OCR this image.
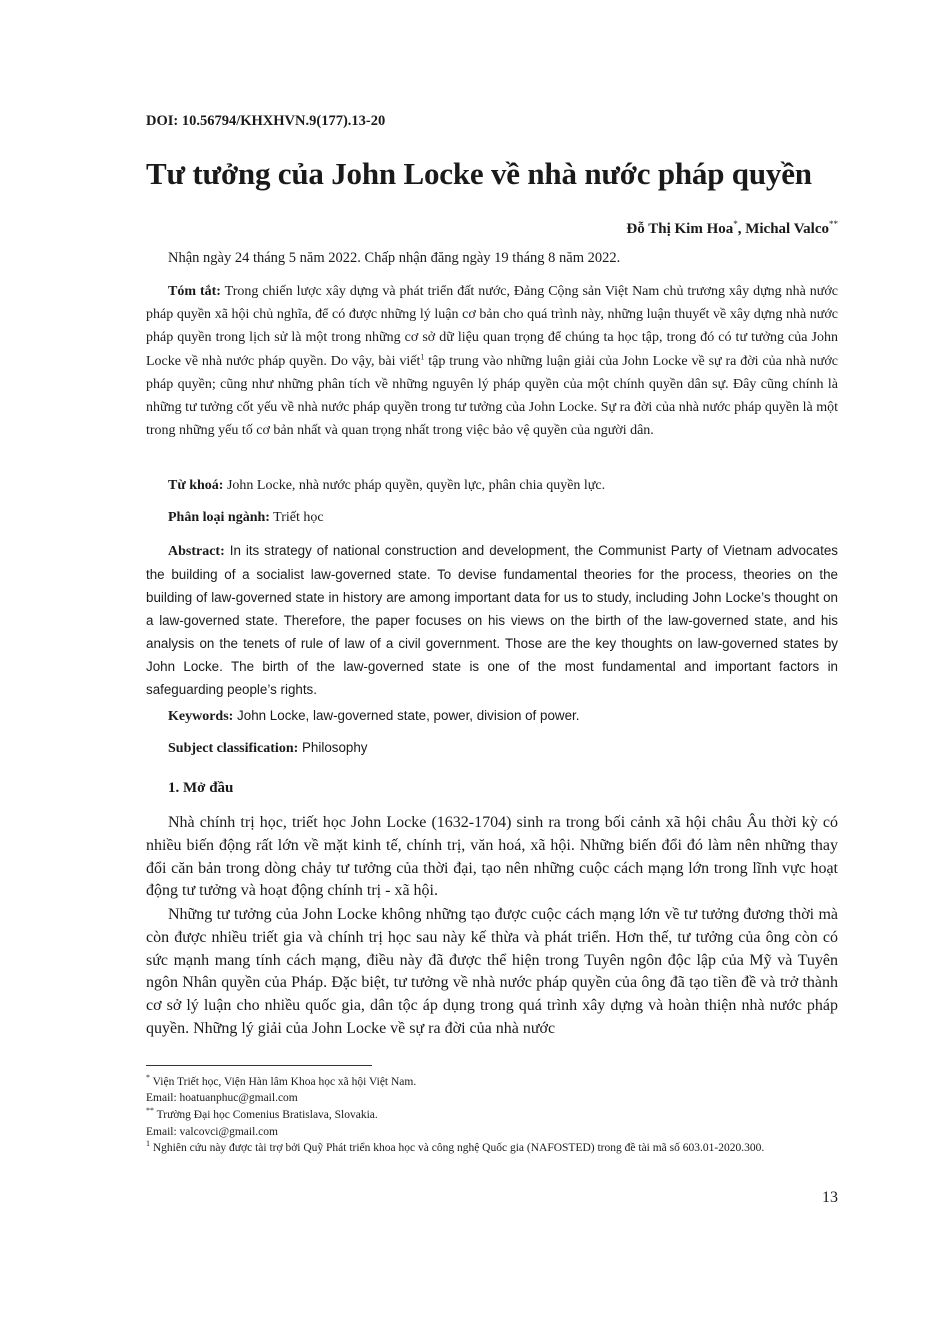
DOI: 10.56794/KHXHVN.9(177).13-20
Tư tưởng của John Locke về nhà nước pháp quyền
Đỗ Thị Kim Hoa*, Michal Valco**
Nhận ngày 24 tháng 5 năm 2022. Chấp nhận đăng ngày 19 tháng 8 năm 2022.
Tóm tắt: Trong chiến lược xây dựng và phát triển đất nước, Đảng Cộng sản Việt Nam chủ trương xây dựng nhà nước pháp quyền xã hội chủ nghĩa, để có được những lý luận cơ bản cho quá trình này, những luận thuyết về xây dựng nhà nước pháp quyền trong lịch sử là một trong những cơ sở dữ liệu quan trọng để chúng ta học tập, trong đó có tư tưởng của John Locke về nhà nước pháp quyền. Do vậy, bài viết$^1$ tập trung vào những luận giải của John Locke về sự ra đời của nhà nước pháp quyền; cũng như những phân tích về những nguyên lý pháp quyền của một chính quyền dân sự. Đây cũng chính là những tư tưởng cốt yếu về nhà nước pháp quyền trong tư tưởng của John Locke. Sự ra đời của nhà nước pháp quyền là một trong những yếu tố cơ bản nhất và quan trọng nhất trong việc bảo vệ quyền của người dân.
Từ khoá: John Locke, nhà nước pháp quyền, quyền lực, phân chia quyền lực.
Phân loại ngành: Triết học
Abstract: In its strategy of national construction and development, the Communist Party of Vietnam advocates the building of a socialist law-governed state. To devise fundamental theories for the process, theories on the building of law-governed state in history are among important data for us to study, including John Locke’s thought on a law-governed state. Therefore, the paper focuses on his views on the birth of the law-governed state, and his analysis on the tenets of rule of law of a civil government. Those are the key thoughts on law-governed states by John Locke. The birth of the law-governed state is one of the most fundamental and important factors in safeguarding people’s rights.
Keywords: John Locke, law-governed state, power, division of power.
Subject classification: Philosophy
1. Mở đầu
Nhà chính trị học, triết học John Locke (1632-1704) sinh ra trong bối cảnh xã hội châu Âu thời kỳ có nhiều biến động rất lớn về mặt kinh tế, chính trị, văn hoá, xã hội. Những biến đổi đó làm nên những thay đổi căn bản trong dòng chảy tư tưởng của thời đại, tạo nên những cuộc cách mạng lớn trong lĩnh vực hoạt động tư tưởng và hoạt động chính trị - xã hội.
Những tư tưởng của John Locke không những tạo được cuộc cách mạng lớn về tư tưởng đương thời mà còn được nhiều triết gia và chính trị học sau này kế thừa và phát triển. Hơn thế, tư tưởng của ông còn có sức mạnh mang tính cách mạng, điều này đã được thể hiện trong Tuyên ngôn độc lập của Mỹ và Tuyên ngôn Nhân quyền của Pháp. Đặc biệt, tư tưởng về nhà nước pháp quyền của ông đã tạo tiền đề và trở thành cơ sở lý luận cho nhiều quốc gia, dân tộc áp dụng trong quá trình xây dựng và hoàn thiện nhà nước pháp quyền. Những lý giải của John Locke về sự ra đời của nhà nước
* Viện Triết học, Viện Hàn lâm Khoa học xã hội Việt Nam.
Email: hoatuanphuc@gmail.com
** Trường Đại học Comenius Bratislava, Slovakia.
Email: valcovci@gmail.com
$^1$ Nghiên cứu này được tài trợ bởi Quỹ Phát triển khoa học và công nghệ Quốc gia (NAFOSTED) trong đề tài mã số 603.01-2020.300.
13
